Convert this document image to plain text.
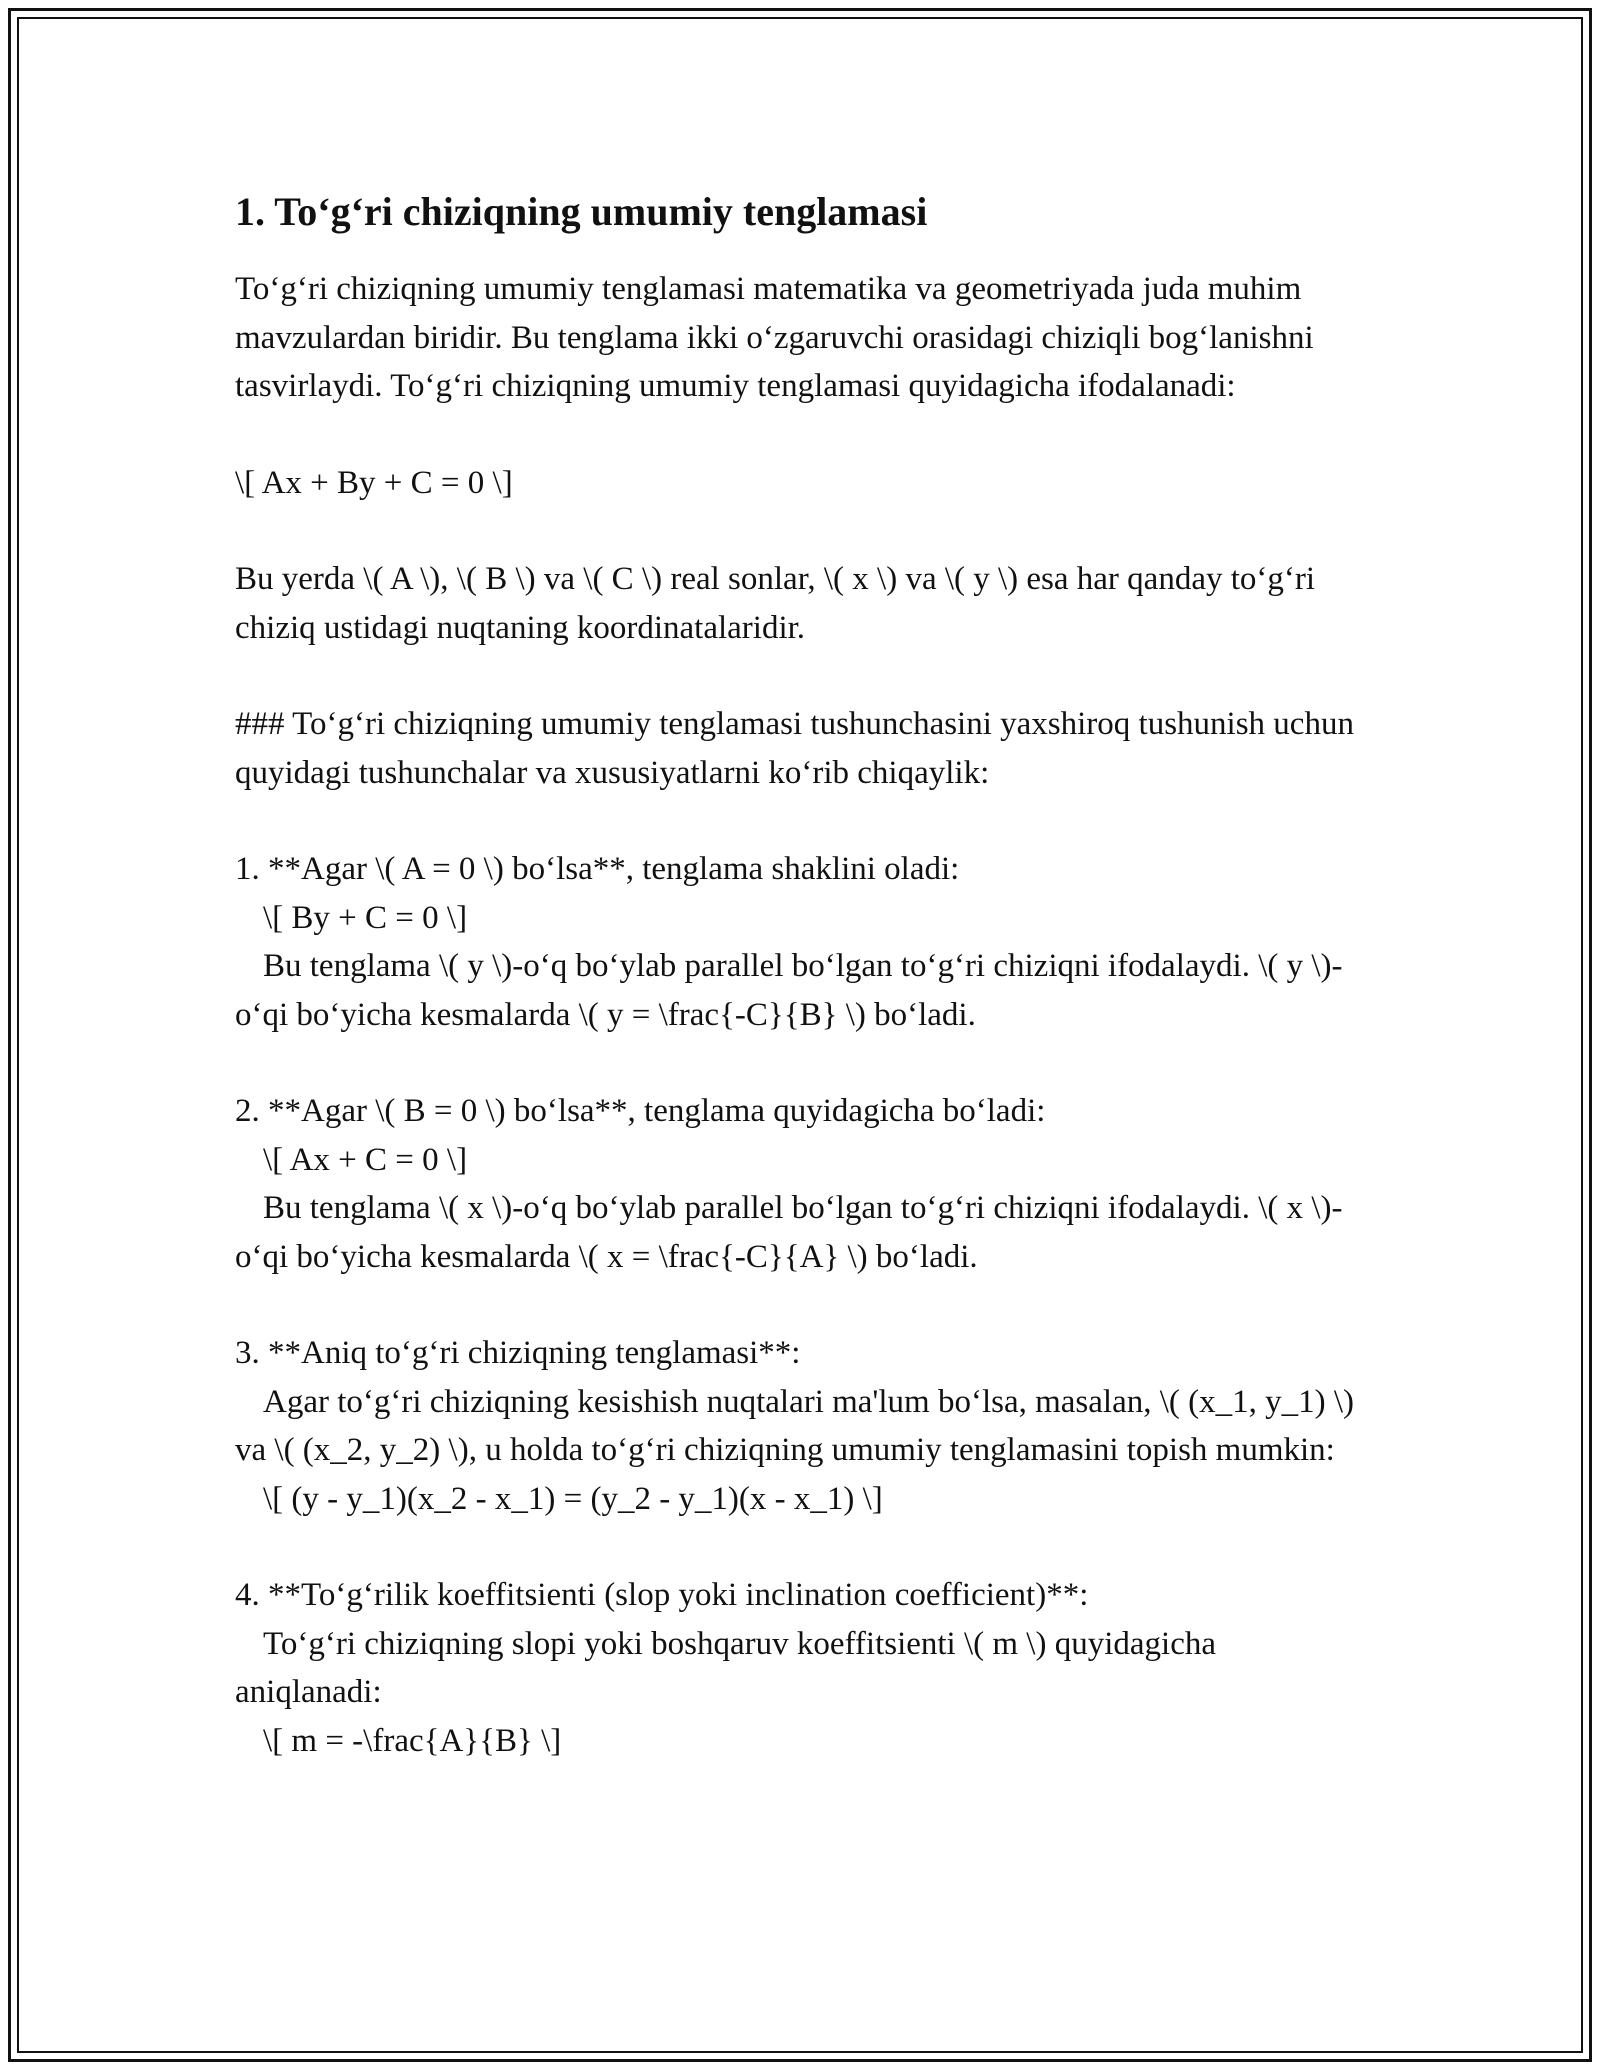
1. To‘g‘ri chiziqning umumiy tenglamasi

To‘g‘ri chiziqning umumiy tenglamasi matematika va geometriyada juda muhim mavzulardan biridir. Bu tenglama ikki o‘zgaruvchi orasidagi chiziqli bog‘lanishni tasvirlaydi. To‘g‘ri chiziqning umumiy tenglamasi quyidagicha ifodalanadi:

\[ Ax + By + C = 0 \]

Bu yerda \( A \), \( B \) va \( C \) real sonlar, \( x \) va \( y \) esa har qanday to‘g‘ri chiziq ustidagi nuqtaning koordinatalaridir.

### To‘g‘ri chiziqning umumiy tenglamasi tushunchasini yaxshiroq tushunish uchun quyidagi tushunchalar va xususiyatlarni ko‘rib chiqaylik:

1. **Agar \( A = 0 \) bo‘lsa**, tenglama shaklini oladi:

\[ By + C = 0 \]

Bu tenglama \( y \)-o‘q bo‘ylab parallel bo‘lgan to‘g‘ri chiziqni ifodalaydi. \( y \)-o‘qi bo‘yicha kesmalarda \( y = \frac{-C}{B} \) bo‘ladi.

2. **Agar \( B = 0 \) bo‘lsa**, tenglama quyidagicha bo‘ladi:

\[ Ax + C = 0 \]

Bu tenglama \( x \)-o‘q bo‘ylab parallel bo‘lgan to‘g‘ri chiziqni ifodalaydi. \( x \)-o‘qi bo‘yicha kesmalarda \( x = \frac{-C}{A} \) bo‘ladi.

3. **Aniq to‘g‘ri chiziqning tenglamasi**:

Agar to‘g‘ri chiziqning kesishish nuqtalari ma'lum bo‘lsa, masalan, \( (x_1, y_1) \) va \( (x_2, y_2) \), u holda to‘g‘ri chiziqning umumiy tenglamasini topish mumkin:

\[ (y - y_1)(x_2 - x_1) = (y_2 - y_1)(x - x_1) \]

4. **To‘g‘rilik koeffitsienti (slop yoki inclination coefficient)**:

To‘g‘ri chiziqning slopi yoki boshqaruv koeffitsienti \( m \) quyidagicha aniqlanadi:

\[ m = -\frac{A}{B} \]
